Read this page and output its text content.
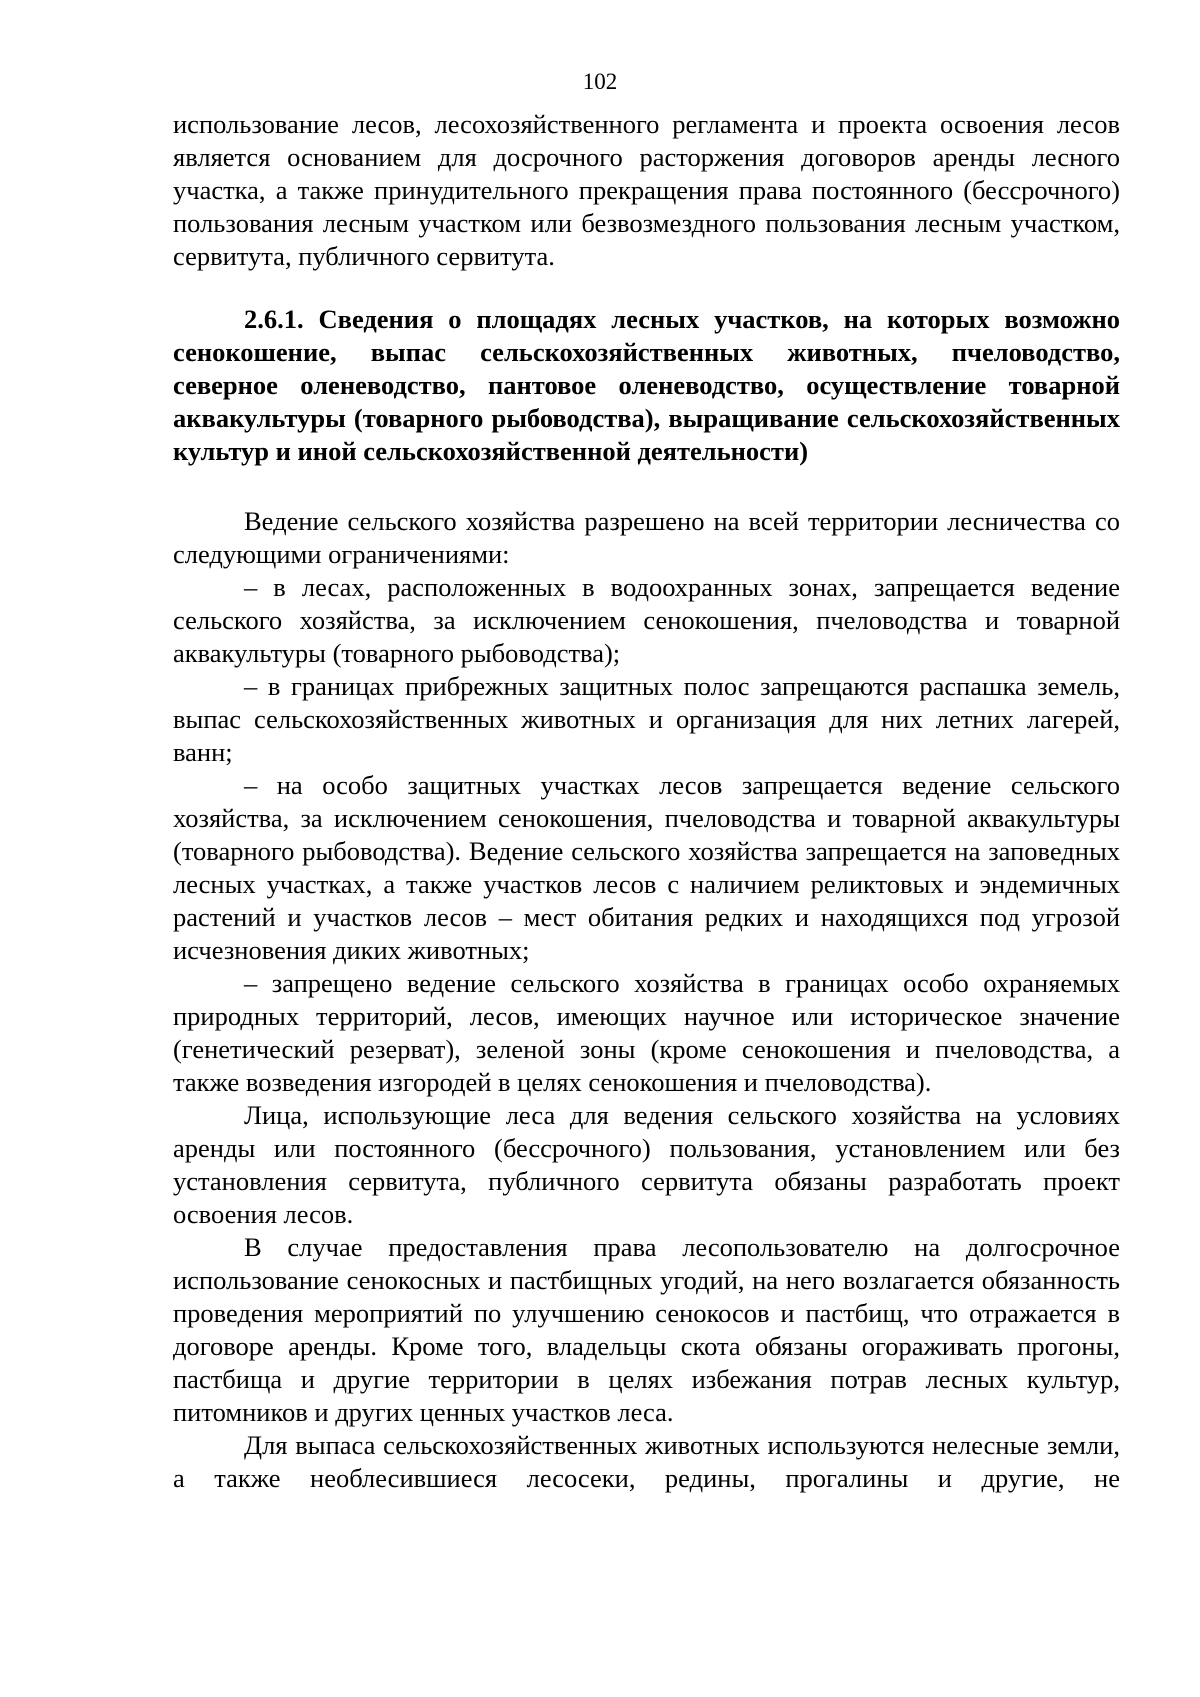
102

использование лесов, лесохозяйственного регламента и проекта освоения лесов является основанием для досрочного расторжения договоров аренды лесного участка, а также принудительного прекращения права постоянного (бессрочного) пользования лесным участком или безвозмездного пользования лесным участком, сервитута, публичного сервитута.

2.6.1. Сведения о площадях лесных участков, на которых возможно сенокошение, выпас сельскохозяйственных животных, пчеловодство, северное оленеводство, пантовое оленеводство, осуществление товарной аквакультуры (товарного рыбоводства), выращивание сельскохозяйственных культур и иной сельскохозяйственной деятельности)

Ведение сельского хозяйства разрешено на всей территории лесничества со следующими ограничениями:

– в лесах, расположенных в водоохранных зонах, запрещается ведение сельского хозяйства, за исключением сенокошения, пчеловодства и товарной аквакультуры (товарного рыбоводства);

– в границах прибрежных защитных полос запрещаются распашка земель, выпас сельскохозяйственных животных и организация для них летних лагерей, ванн;

– на особо защитных участках лесов запрещается ведение сельского хозяйства, за исключением сенокошения, пчеловодства и товарной аквакультуры (товарного рыбоводства). Ведение сельского хозяйства запрещается на заповедных лесных участках, а также участков лесов с наличием реликтовых и эндемичных растений и участков лесов – мест обитания редких и находящихся под угрозой исчезновения диких животных;

– запрещено ведение сельского хозяйства в границах особо охраняемых природных территорий, лесов, имеющих научное или историческое значение (генетический резерват), зеленой зоны (кроме сенокошения и пчеловодства, а также возведения изгородей в целях сенокошения и пчеловодства).

Лица, использующие леса для ведения сельского хозяйства на условиях аренды или постоянного (бессрочного) пользования, установлением или без установления сервитута, публичного сервитута обязаны разработать проект освоения лесов.

В случае предоставления права лесопользователю на долгосрочное использование сенокосных и пастбищных угодий, на него возлагается обязанность проведения мероприятий по улучшению сенокосов и пастбищ, что отражается в договоре аренды. Кроме того, владельцы скота обязаны огораживать прогоны, пастбища и другие территории в целях избежания потрав лесных культур, питомников и других ценных участков леса.

Для выпаса сельскохозяйственных животных используются нелесные земли, а также необлесившиеся лесосеки, редины, прогалины и другие, не
